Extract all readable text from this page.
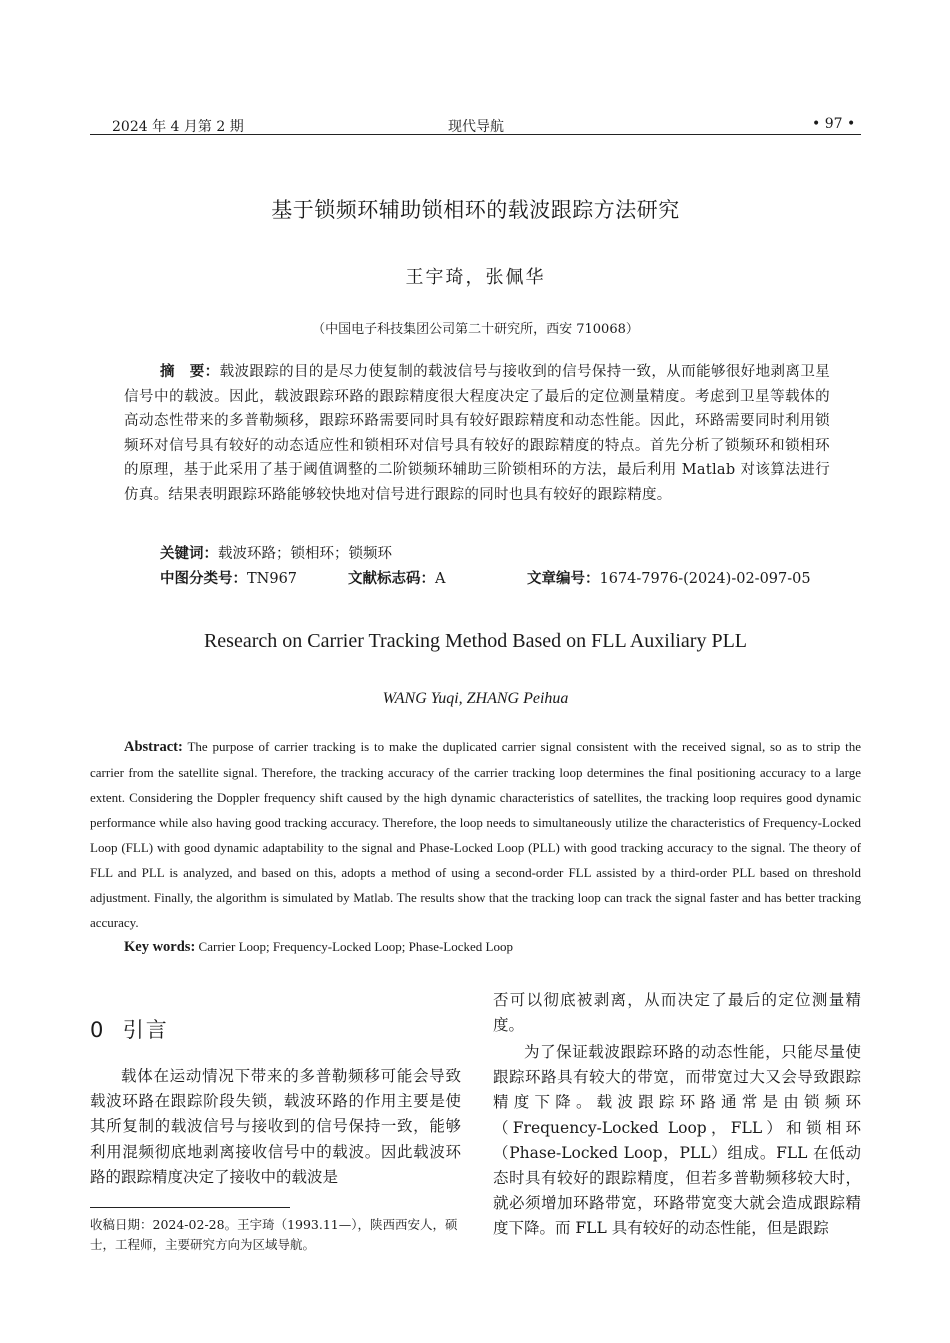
2024 年 4 月第 2 期	现代导航	• 97 •
基于锁频环辅助锁相环的载波跟踪方法研究
王宇琦，张佩华
（中国电子科技集团公司第二十研究所，西安 710068）

摘　要：载波跟踪的目的是尽力使复制的载波信号与接收到的信号保持一致，从而能够很好地剥离卫星信号中的载波。因此，载波跟踪环路的跟踪精度很大程度决定了最后的定位测量精度。考虑到卫星等载体的高动态性带来的多普勒频移，跟踪环路需要同时具有较好跟踪精度和动态性能。因此，环路需要同时利用锁频环对信号具有较好的动态适应性和锁相环对信号具有较好的跟踪精度的特点。首先分析了锁频环和锁相环的原理，基于此采用了基于阈值调整的二阶锁频环辅助三阶锁相环的方法，最后利用 Matlab 对该算法进行仿真。结果表明跟踪环路能够较快地对信号进行跟踪的同时也具有较好的跟踪精度。

关键词：载波环路；锁相环；锁频环
中图分类号：TN967	文献标志码：A	文章编号：1674-7976-(2024)-02-097-05
Research on Carrier Tracking Method Based on FLL Auxiliary PLL
WANG Yuqi, ZHANG Peihua

Abstract: The purpose of carrier tracking is to make the duplicated carrier signal consistent with the received signal, so as to strip the carrier from the satellite signal. Therefore, the tracking accuracy of the carrier tracking loop determines the final positioning accuracy to a large extent. Considering the Doppler frequency shift caused by the high dynamic characteristics of satellites, the tracking loop requires good dynamic performance while also having good tracking accuracy. Therefore, the loop needs to simultaneously utilize the characteristics of Frequency-Locked Loop (FLL) with good dynamic adaptability to the signal and Phase-Locked Loop (PLL) with good tracking accuracy to the signal. The theory of FLL and PLL is analyzed, and based on this, adopts a method of using a second-order FLL assisted by a third-order PLL based on threshold adjustment. Finally, the algorithm is simulated by Matlab. The results show that the tracking loop can track the signal faster and has better tracking accuracy.

Key words: Carrier Loop; Frequency-Locked Loop; Phase-Locked Loop
0 引言
载体在运动情况下带来的多普勒频移可能会导致载波环路在跟踪阶段失锁，载波环路的作用主要是使其所复制的载波信号与接收到的信号保持一致，能够利用混频彻底地剥离接收信号中的载波。因此载波环路的跟踪精度决定了接收中的载波是
否可以彻底被剥离，从而决定了最后的定位测量精度。
为了保证载波跟踪环路的动态性能，只能尽量使跟踪环路具有较大的带宽，而带宽过大又会导致跟踪精度下降。载波跟踪环路通常是由锁频环（Frequency-Locked Loop，FLL）和锁相环（Phase-Locked Loop，PLL）组成。FLL 在低动态时具有较好的跟踪精度，但若多普勒频移较大时，就必须增加环路带宽，环路带宽变大就会造成跟踪精度下降。而 FLL 具有较好的动态性能，但是跟踪
收稿日期：2024-02-28。王宇琦（1993.11—），陕西西安人，硕士，工程师，主要研究方向为区域导航。
